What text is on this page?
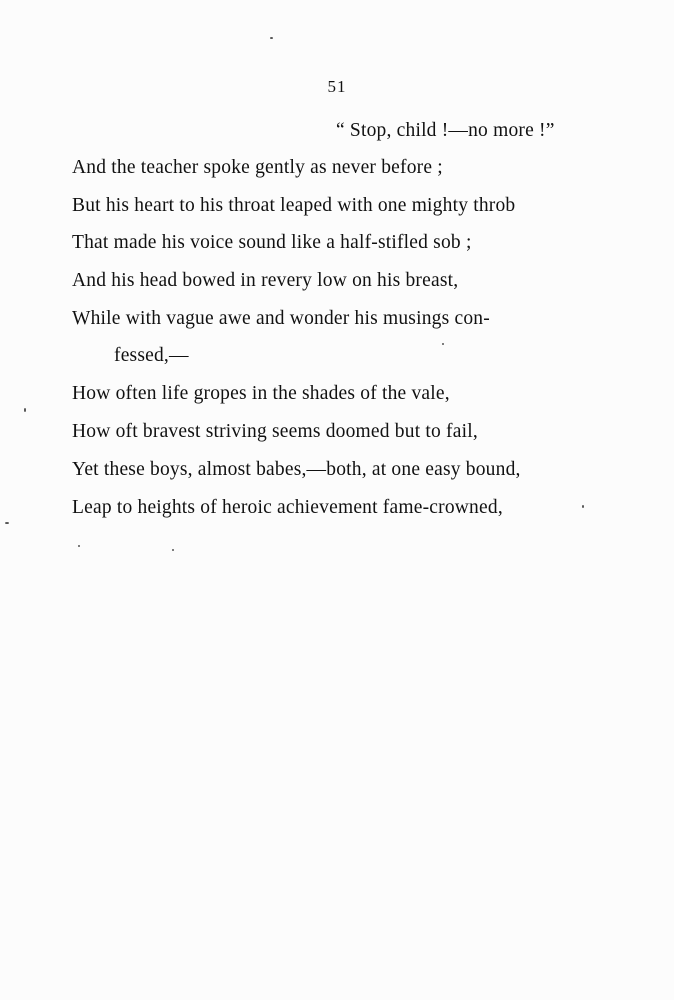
51
“ Stop, child !—no more !”
And the teacher spoke gently as never before ;
But his heart to his throat leaped with one mighty throb
That made his voice sound like a half-stifled sob ;
And his head bowed in revery low on his breast,
While with vague awe and wonder his musings con-
fessed,—
How often life gropes in the shades of the vale,
How oft bravest striving seems doomed but to fail,
Yet these boys, almost babes,—both, at one easy bound,
Leap to heights of heroic achievement fame-crowned,
